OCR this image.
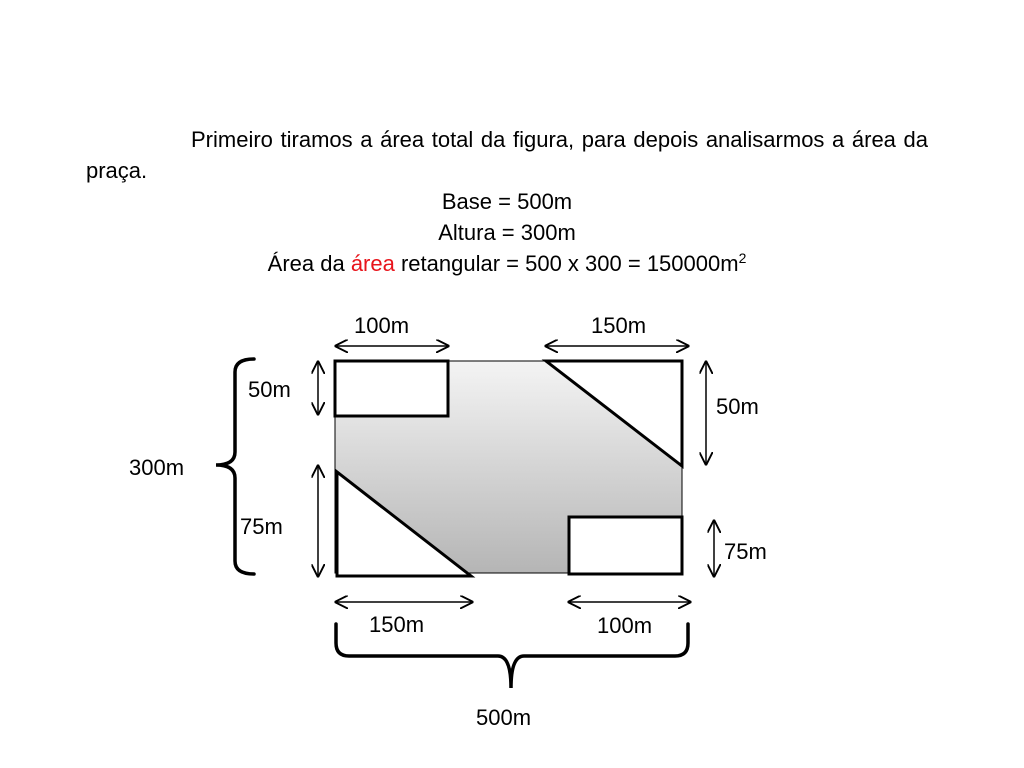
Primeiro tiramos a área total da figura, para depois analisarmos a área da praça.

Base = 500m

Altura = 300m

Área da área retangular = 500 x $300 = 150000m^2$

100m	150m
50m
50m
300m
75m
75m
150m	100m
500m
